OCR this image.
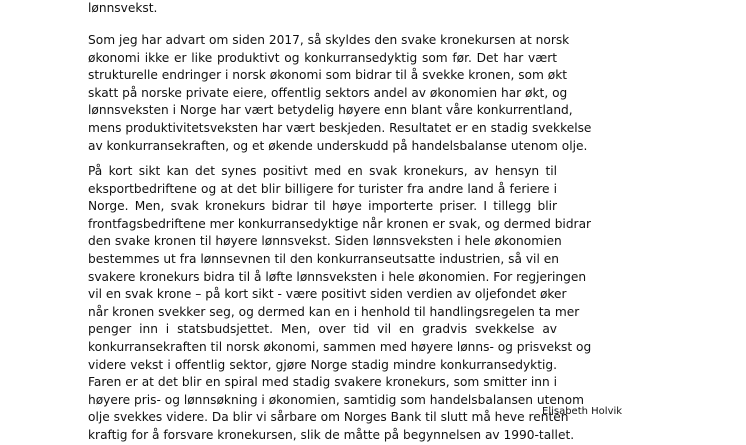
lønnsvekst.

Som jeg har advart om siden 2017, så skyldes den svake kronekursen at norsk
økonomi ikke er like produktivt og konkurransedyktig som før. Det har vært
strukturelle endringer i norsk økonomi som bidrar til å svekke kronen, som økt
skatt på norske private eiere, offentlig sektors andel av økonomien har økt, og
lønnsveksten i Norge har vært betydelig høyere enn blant våre konkurrentland,
mens produktivitetsveksten har vært beskjeden. Resultatet er en stadig svekkelse
av konkurransekraften, og et økende underskudd på handelsbalanse utenom olje.

På kort sikt kan det synes positivt med en svak kronekurs, av hensyn til
eksportbedriftene og at det blir billigere for turister fra andre land å feriere i
Norge. Men, svak kronekurs bidrar til høye importerte priser. I tillegg blir
frontfagsbedriftene mer konkurransedyktige når kronen er svak, og dermed bidrar
den svake kronen til høyere lønnsvekst. Siden lønnsveksten i hele økonomien
bestemmes ut fra lønnsevnen til den konkurranseutsatte industrien, så vil en
svakere kronekurs bidra til å løfte lønnsveksten i hele økonomien. For regjeringen
vil en svak krone – på kort sikt - være positivt siden verdien av oljefondet øker
når kronen svekker seg, og dermed kan en i henhold til handlingsregelen ta mer
penger inn i statsbudsjettet. Men, over tid vil en gradvis svekkelse av
konkurransekraften til norsk økonomi, sammen med høyere lønns- og prisvekst og
videre vekst i offentlig sektor, gjøre Norge stadig mindre konkurransedyktig.
Faren er at det blir en spiral med stadig svakere kronekurs, som smitter inn i
høyere pris- og lønnsøkning i økonomien, samtidig som handelsbalansen utenom
olje svekkes videre. Da blir vi sårbare om Norges Bank til slutt må heve renten
kraftig for å forsvare kronekursen, slik de måtte på begynnelsen av 1990-tallet.

Elisabeth Holvik
